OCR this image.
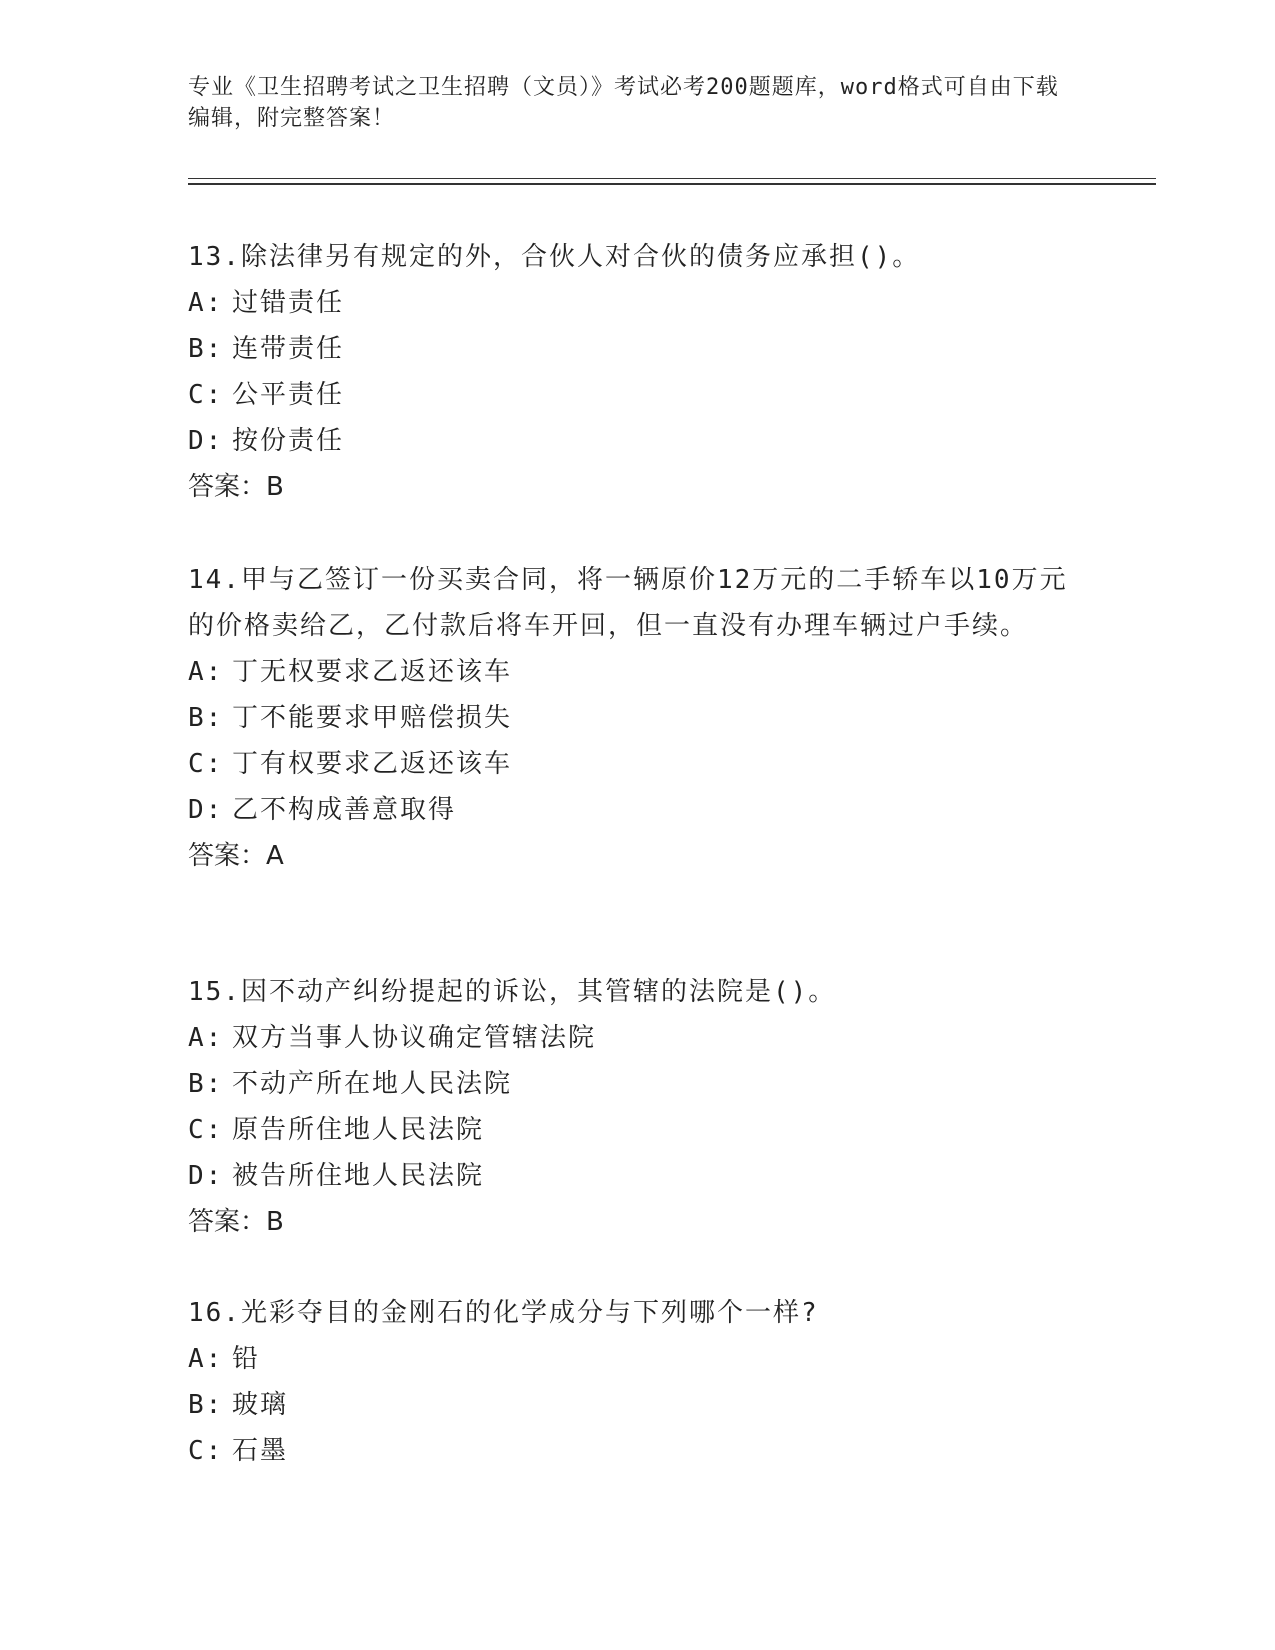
专业《卫生招聘考试之卫生招聘（文员）》考试必考200题题库，word格式可自由下载编辑，附完整答案！

13.除法律另有规定的外，合伙人对合伙的债务应承担()。

A: 过错责任

B: 连带责任

C: 公平责任

D: 按份责任

答案：B

14.甲与乙签订一份买卖合同，将一辆原价12万元的二手轿车以10万元的价格卖给乙，乙付款后将车开回，但一直没有办理车辆过户手续。

A: 丁无权要求乙返还该车

B: 丁不能要求甲赔偿损失

C: 丁有权要求乙返还该车

D: 乙不构成善意取得

答案：A

15.因不动产纠纷提起的诉讼，其管辖的法院是()。

A: 双方当事人协议确定管辖法院

B: 不动产所在地人民法院

C: 原告所住地人民法院

D: 被告所住地人民法院

答案：B

16.光彩夺目的金刚石的化学成分与下列哪个一样?

A: 铅

B: 玻璃

C: 石墨
